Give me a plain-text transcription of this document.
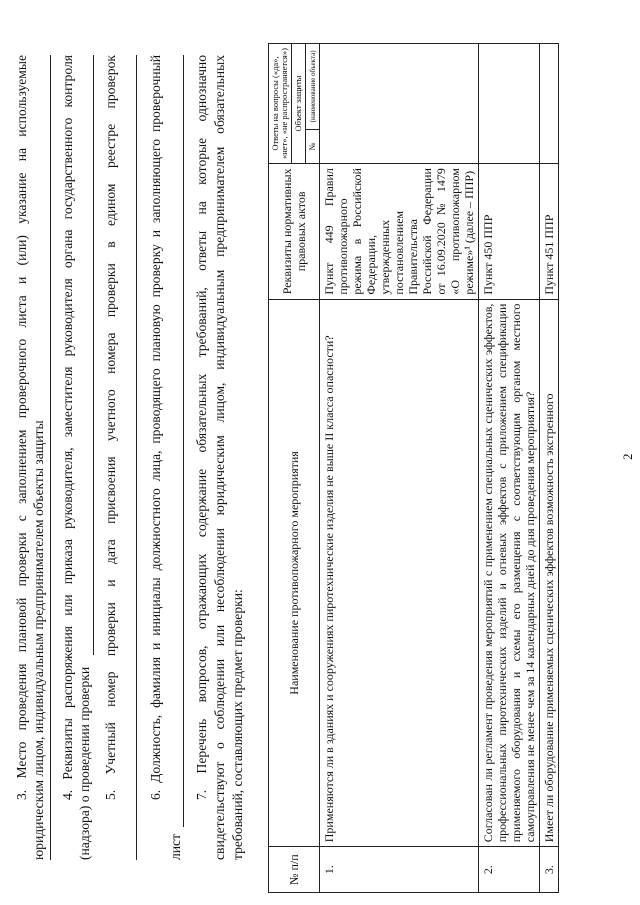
2
3. Место проведения плановой проверки с заполнением проверочного листа и (или) указание на используемые юридическим лицом, индивидуальным предпринимателем объекты защиты 4. Реквизиты распоряжения или приказа руководителя, заместителя руководителя органа государственного контроля (надзора) о проведении проверки 5. Учетный номер проверки и дата присвоения учетного номера проверки в едином реестре проверок 6. Должность, фамилия и инициалы должностного лица, проводящего плановую проверку и заполняющего проверочный
лист
7. Перечень вопросов, отражающих содержание обязательных требований, ответы на которые однозначно свидетельствуют о соблюдении или несоблюдении юридическим лицом, индивидуальным предпринимателем обязательных требований, составляющих предмет проверки:
№ п/п	Наименование противопожарного мероприятия	Реквизиты нормативных правовых актов	Ответы на вопросы («да», «нет», «не распространяется»)	
			Объект защиты	
			№	(наименование объекта)
1.	Применяются ли в зданиях и сооружениях пиротехнические изделия не выше II класса опасности?	Пункт 449 Правил противопожарного режима в Российской Федерации, утвержденных постановлением Правительства Российской Федерации от 16.09.2020 № 1479 «О противопожарном режиме»¹ (далее – ППР)		
2.	Согласован ли регламент проведения мероприятий с применением специальных сценических эффектов, профессиональных пиротехнических изделий и огневых эффектов с приложением спецификации применяемого оборудования и схемы его размещения с соответствующим органом местного самоуправления не менее чем за 14 календарных дней до дня проведения мероприятия?	Пункт 450 ППР		
3.	Имеет ли оборудование применяемых сценических эффектов возможность экстренного	Пункт 451 ППР		
